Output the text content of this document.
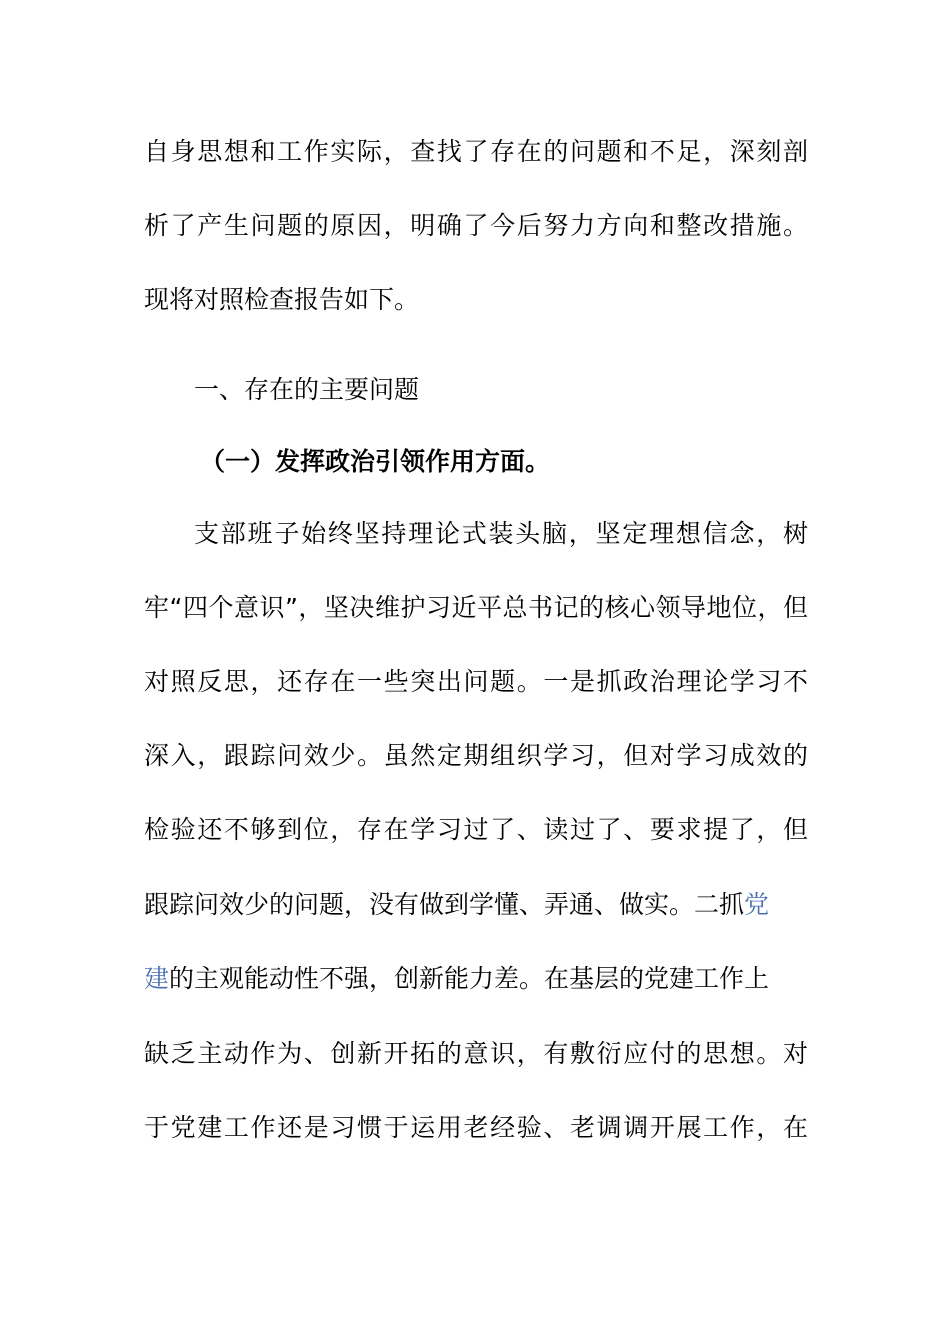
自身思想和工作实际，查找了存在的问题和不足，深刻剖
析了产生问题的原因，明确了今后努力方向和整改措施。
现将对照检查报告如下。
一、存在的主要问题
（一）发挥政治引领作用方面。
支部班子始终坚持理论式装头脑，坚定理想信念，树
牢“四个意识”，坚决维护习近平总书记的核心领导地位，但
对照反思，还存在一些突出问题。一是抓政治理论学习不
深入，跟踪问效少。虽然定期组织学习，但对学习成效的
检验还不够到位，存在学习过了、读过了、要求提了，但
跟踪问效少的问题，没有做到学懂、弄通、做实。二抓党
建的主观能动性不强，创新能力差。在基层的党建工作上
缺乏主动作为、创新开拓的意识，有敷衍应付的思想。对
于党建工作还是习惯于运用老经验、老调调开展工作，在
